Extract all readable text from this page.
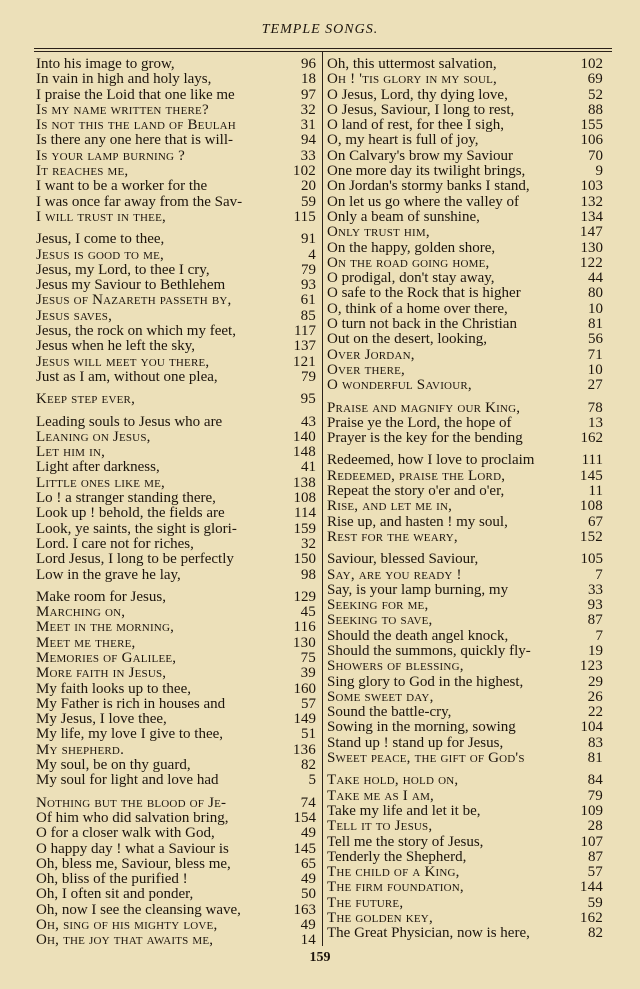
TEMPLE SONGS.
Into his image to grow,	96
In vain in high and holy lays,	18
I praise the Loid that one like me	97
Is my name written there?	32
Is not this the land of Beulah	31
Is there any one here that is will-	94
Is your lamp burning ?	33
It reaches me,	102
I want to be a worker for the	20
I was once far away from the Sav-	59
I will trust in thee,	115
Jesus, I come to thee,	91
Jesus is good to me,	4
Jesus, my Lord, to thee I cry,	79
Jesus my Saviour to Bethlehem	93
Jesus of Nazareth passeth by,	61
Jesus saves,	85
Jesus, the rock on which my feet,	117
Jesus when he left the sky,	137
Jesus will meet you there,	121
Just as I am, without one plea,	79
Keep step ever,	95
Leading souls to Jesus who are	43
Leaning on Jesus,	140
Let him in,	148
Light after darkness,	41
Little ones like me,	138
Lo ! a stranger standing there,	108
Look up ! behold, the fields are	114
Look, ye saints, the sight is glori-	159
Lord. I care not for riches,	32
Lord Jesus, I long to be perfectly	150
Low in the grave he lay,	98
Make room for Jesus,	129
Marching on,	45
Meet in the morning,	116
Meet me there,	130
Memories of Galilee,	75
More faith in Jesus,	39
My faith looks up to thee,	160
My Father is rich in houses and	57
My Jesus, I love thee,	149
My life, my love I give to thee,	51
My shepherd.	136
My soul, be on thy guard,	82
My soul for light and love had	5
Nothing but the blood of Je-	74
Of him who did salvation bring,	154
O for a closer walk with God,	49
O happy day ! what a Saviour is	145
Oh, bless me, Saviour, bless me,	65
Oh, bliss of the purified !	49
Oh, I often sit and ponder,	50
Oh, now I see the cleansing wave,	163
Oh, sing of his mighty love,	49
Oh, the joy that awaits me,	14
Oh, this uttermost salvation,	102
Oh ! 'tis glory in my soul,	69
O Jesus, Lord, thy dying love,	52
O Jesus, Saviour, I long to rest,	88
O land of rest, for thee I sigh,	155
O, my heart is full of joy,	106
On Calvary's brow my Saviour	70
One more day its twilight brings,	9
On Jordan's stormy banks I stand,	103
On let us go where the valley of	132
Only a beam of sunshine,	134
Only trust him,	147
On the happy, golden shore,	130
On the road going home,	122
O prodigal, don't stay away,	44
O safe to the Rock that is higher	80
O, think of a home over there,	10
O turn not back in the Christian	81
Out on the desert, looking,	56
Over Jordan,	71
Over there,	10
O wonderful Saviour,	27
Praise and magnify our King,	78
Praise ye the Lord, the hope of	13
Prayer is the key for the bending	162
Redeemed, how I love to proclaim	111
Redeemed, praise the Lord,	145
Repeat the story o'er and o'er,	11
Rise, and let me in,	108
Rise up, and hasten ! my soul,	67
Rest for the weary,	152
Saviour, blessed Saviour,	105
Say, are you ready !	7
Say, is your lamp burning, my	33
Seeking for me,	93
Seeking to save,	87
Should the death angel knock,	7
Should the summons, quickly fly-	19
Showers of blessing,	123
Sing glory to God in the highest,	29
Some sweet day,	26
Sound the battle-cry,	22
Sowing in the morning, sowing	104
Stand up ! stand up for Jesus,	83
Sweet peace, the gift of God's	81
Take hold, hold on,	84
Take me as I am,	79
Take my life and let it be,	109
Tell it to Jesus,	28
Tell me the story of Jesus,	107
Tenderly the Shepherd,	87
The child of a King,	57
The firm foundation,	144
The future,	59
The golden key,	162
The Great Physician, now is here,	82
159
